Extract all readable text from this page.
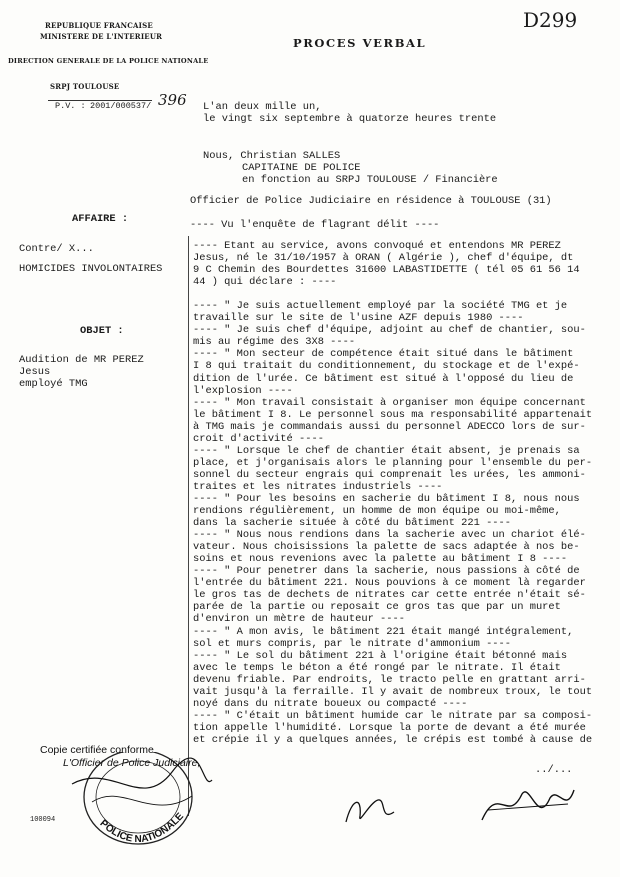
REPUBLIQUE FRANCAISE
MINISTERE DE L'INTERIEUR
DIRECTION GENERALE DE LA POLICE NATIONALE
SRPJ TOULOUSE
P.V. : 2001/000537/ 396
PROCES VERBAL
D299
AFFAIRE :
Contre/ X...
HOMICIDES INVOLONTAIRES
OBJET :
Audition de MR PEREZ
Jesus
employé TMG
L'an deux mille un,
le vingt six septembre à quatorze heures trente
Nous, Christian SALLES
CAPITAINE DE POLICE
en fonction au SRPJ TOULOUSE / Financière
Officier de Police Judiciaire en résidence à TOULOUSE (31)
---- Vu l'enquête de flagrant délit ----
---- Etant au service, avons convoqué et entendons MR PEREZ
Jesus, né le 31/10/1957 à ORAN ( Algérie ), chef d'équipe, dt
9 C Chemin des Bourdettes 31600 LABASTIDETTE ( tél 05 61 56 14
44 ) qui déclare : ----
---- " Je suis actuellement employé par la société TMG et je
travaille sur le site de l'usine AZF depuis 1980 ----
---- " Je suis chef d'équipe, adjoint au chef de chantier, sou-
mis au régime des 3X8 ----
---- " Mon secteur de compétence était situé dans le bâtiment
I 8 qui traitait du conditionnement, du stockage et de l'expé-
dition de l'urée. Ce bâtiment est situé à l'opposé du lieu de
l'explosion ----
---- " Mon travail consistait à organiser mon équipe concernant
le bâtiment I 8. Le personnel sous ma responsabilité appartenait
à TMG mais je commandais aussi du personnel ADECCO lors de sur-
croit d'activité ----
---- " Lorsque le chef de chantier était absent, je prenais sa
place, et j'organisais alors le planning pour l'ensemble du per-
sonnel du secteur engrais qui comprenait les urées, les ammoni-
traites et les nitrates industriels ----
---- " Pour les besoins en sacherie du bâtiment I 8, nous nous
rendions régulièrement, un homme de mon équipe ou moi-même,
dans la sacherie située à côté du bâtiment 221 ----
---- " Nous nous rendions dans la sacherie avec un chariot élé-
vateur. Nous choisissions la palette de sacs adaptée à nos be-
soins et nous revenions avec la palette au bâtiment I 8 ----
---- " Pour penetrer dans la sacherie, nous passions à côté de
l'entrée du bâtiment 221. Nous pouvions à ce moment là regarder
le gros tas de dechets de nitrates car cette entrée n'était sé-
parée de la partie ou reposait ce gros tas que par un muret
d'environ un mètre de hauteur ----
---- " A mon avis, le bâtiment 221 était mangé intégralement,
sol et murs compris, par le nitrate d'ammonium ----
---- " Le sol du bâtiment 221 à l'origine était bétonné mais
avec le temps le béton a été rongé par le nitrate. Il était
devenu friable. Par endroits, le tracto pelle en grattant arri-
vait jusqu'à la ferraille. Il y avait de nombreux troux, le tout
noyé dans du nitrate boueux ou compacté ----
---- " C'était un bâtiment humide car le nitrate par sa composi-
tion appelle l'humidité. Lorsque la porte de devant a été murée
et crépie il y a quelques années, le crépis est tombé à cause de
../...
POLICE NATIONALE
Copie certifiée conforme
L'Officier de Police Judiciaire,
100094
